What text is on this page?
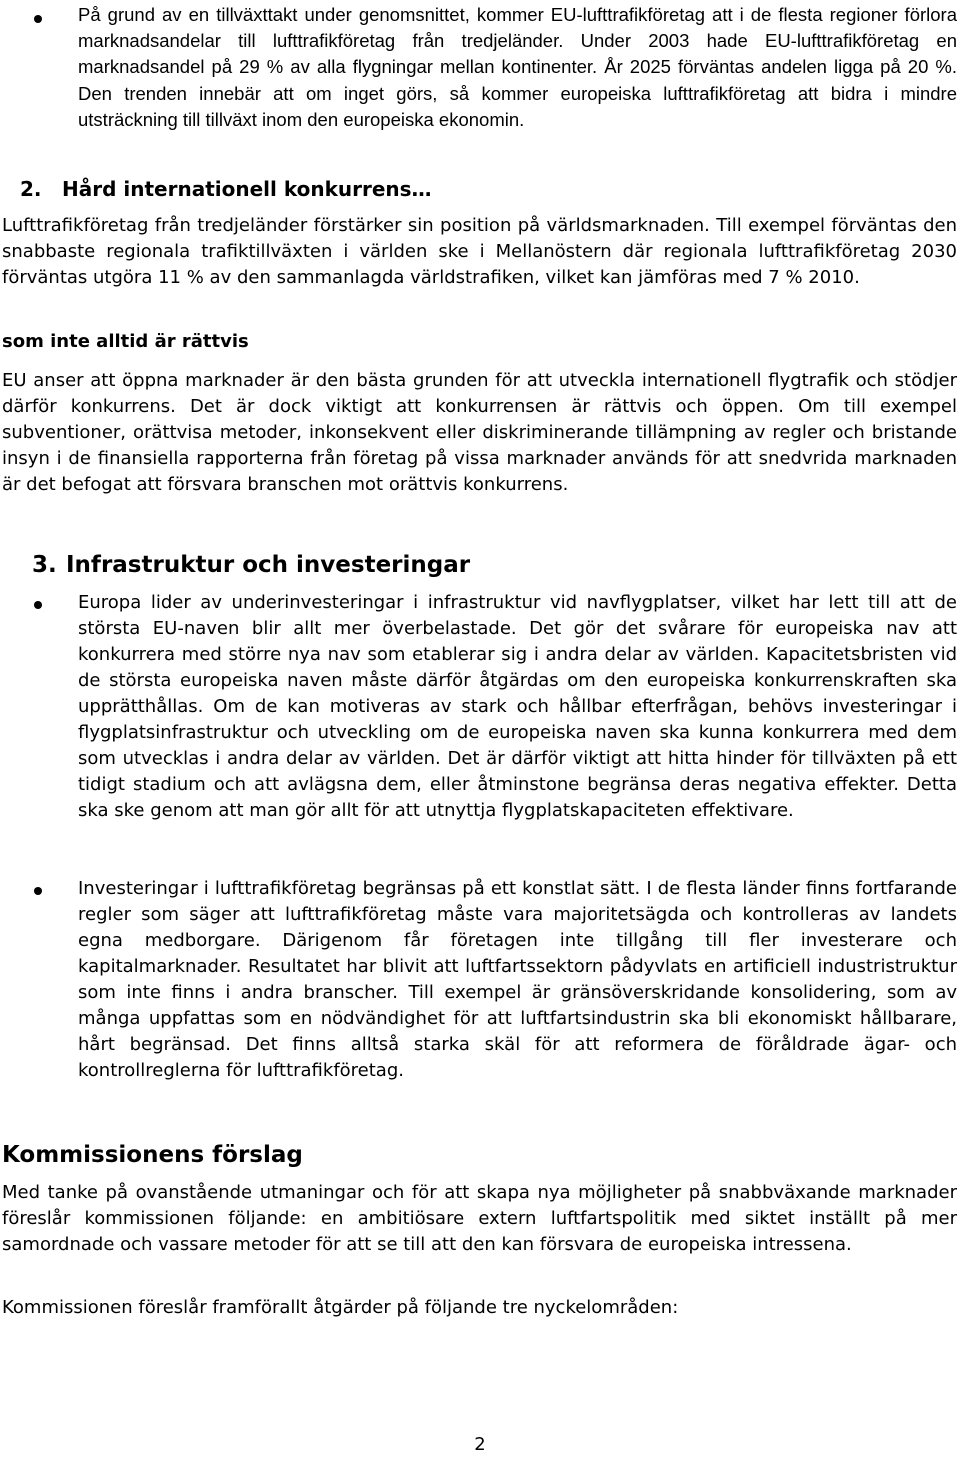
På grund av en tillväxttakt under genomsnittet, kommer EU-lufttrafikföretag att i de flesta regioner förlora marknadsandelar till lufttrafikföretag från tredjeländer. Under 2003 hade EU-lufttrafikföretag en marknadsandel på 29 % av alla flygningar mellan kontinenter. År 2025 förväntas andelen ligga på 20 %. Den trenden innebär att om inget görs, så kommer europeiska lufttrafikföretag att bidra i mindre utsträckning till tillväxt inom den europeiska ekonomin.

2. Hård internationell konkurrens…

Lufttrafikföretag från tredjeländer förstärker sin position på världsmarknaden. Till exempel förväntas den snabbaste regionala trafiktillväxten i världen ske i Mellanöstern där regionala lufttrafikföretag 2030 förväntas utgöra 11 % av den sammanlagda världstrafiken, vilket kan jämföras med 7 % 2010.

som inte alltid är rättvis

EU anser att öppna marknader är den bästa grunden för att utveckla internationell flygtrafik och stödjer därför konkurrens. Det är dock viktigt att konkurrensen är rättvis och öppen. Om till exempel subventioner, orättvisa metoder, inkonsekvent eller diskriminerande tillämpning av regler och bristande insyn i de finansiella rapporterna från företag på vissa marknader används för att snedvrida marknaden är det befogat att försvara branschen mot orättvis konkurrens.

3. Infrastruktur och investeringar

Europa lider av underinvesteringar i infrastruktur vid navflygplatser, vilket har lett till att de största EU-naven blir allt mer överbelastade. Det gör det svårare för europeiska nav att konkurrera med större nya nav som etablerar sig i andra delar av världen. Kapacitetsbristen vid de största europeiska naven måste därför åtgärdas om den europeiska konkurrenskraften ska upprätthållas. Om de kan motiveras av stark och hållbar efterfrågan, behövs investeringar i flygplatsinfrastruktur och utveckling om de europeiska naven ska kunna konkurrera med dem som utvecklas i andra delar av världen. Det är därför viktigt att hitta hinder för tillväxten på ett tidigt stadium och att avlägsna dem, eller åtminstone begränsa deras negativa effekter. Detta ska ske genom att man gör allt för att utnyttja flygplatskapaciteten effektivare.

Investeringar i lufttrafikföretag begränsas på ett konstlat sätt. I de flesta länder finns fortfarande regler som säger att lufttrafikföretag måste vara majoritetsägda och kontrolleras av landets egna medborgare. Därigenom får företagen inte tillgång till fler investerare och kapitalmarknader. Resultatet har blivit att luftfartssektorn pådyvlats en artificiell industristruktur som inte finns i andra branscher. Till exempel är gränsöverskridande konsolidering, som av många uppfattas som en nödvändighet för att luftfartsindustrin ska bli ekonomiskt hållbarare, hårt begränsad. Det finns alltså starka skäl för att reformera de föråldrade ägar- och kontrollreglerna för lufttrafikföretag.

Kommissionens förslag

Med tanke på ovanstående utmaningar och för att skapa nya möjligheter på snabbväxande marknader föreslår kommissionen följande: en ambitiösare extern luftfartspolitik med siktet inställt på mer samordnade och vassare metoder för att se till att den kan försvara de europeiska intressena.

Kommissionen föreslår framförallt åtgärder på följande tre nyckelområden:

2
